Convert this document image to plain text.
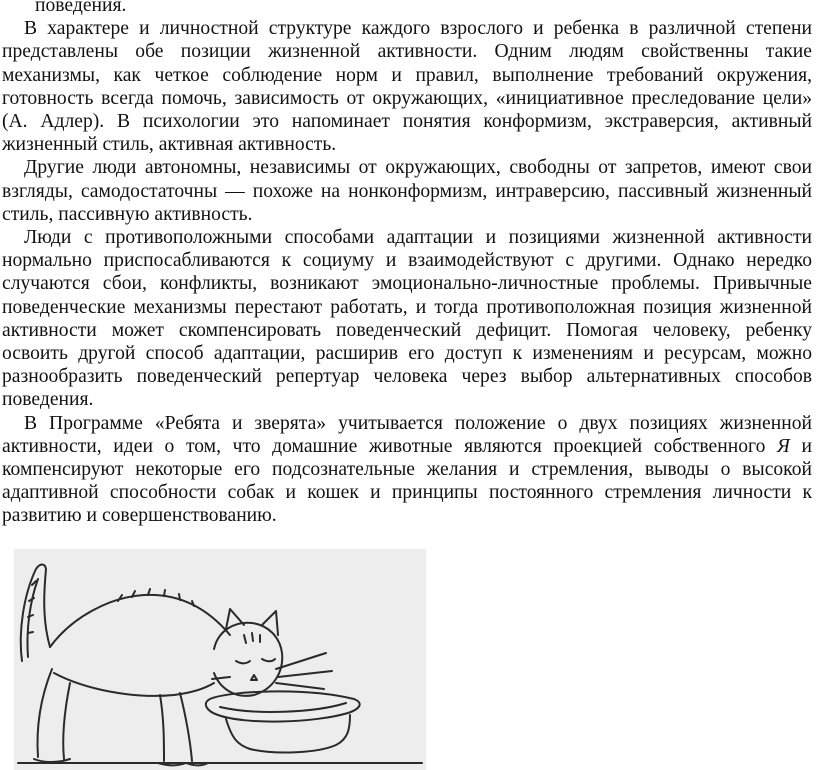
поведения.

В характере и личностной структуре каждого взрослого и ребенка в различной степени представлены обе позиции жизненной активности. Одним людям свойственны такие механизмы, как четкое соблюдение норм и правил, выполнение требований окружения, готовность всегда помочь, зависимость от окружающих, «инициативное преследование цели» (А. Адлер). В психологии это напоминает понятия конформизм, экстраверсия, активный жизненный стиль, активная активность.

Другие люди автономны, независимы от окружающих, свободны от запретов, имеют свои взгляды, самодостаточны — похоже на нонконформизм, интраверсию, пассивный жизненный стиль, пассивную активность.

Люди с противоположными способами адаптации и позициями жизненной активности нормально приспосабливаются к социуму и взаимодействуют с другими. Однако нередко случаются сбои, конфликты, возникают эмоционально-личностные проблемы. Привычные поведенческие механизмы перестают работать, и тогда противоположная позиция жизненной активности может скомпенсировать поведенческий дефицит. Помогая человеку, ребенку освоить другой способ адаптации, расширив его доступ к изменениям и ресурсам, можно разнообразить поведенческий репертуар человека через выбор альтернативных способов поведения.

В Программе «Ребята и зверята» учитывается положение о двух позициях жизненной активности, идеи о том, что домашние животные являются проекцией собственного Я и компенсируют некоторые его подсознательные желания и стремления, выводы о высокой адаптивной способности собак и кошек и принципы постоянного стремления личности к развитию и совершенствованию.
